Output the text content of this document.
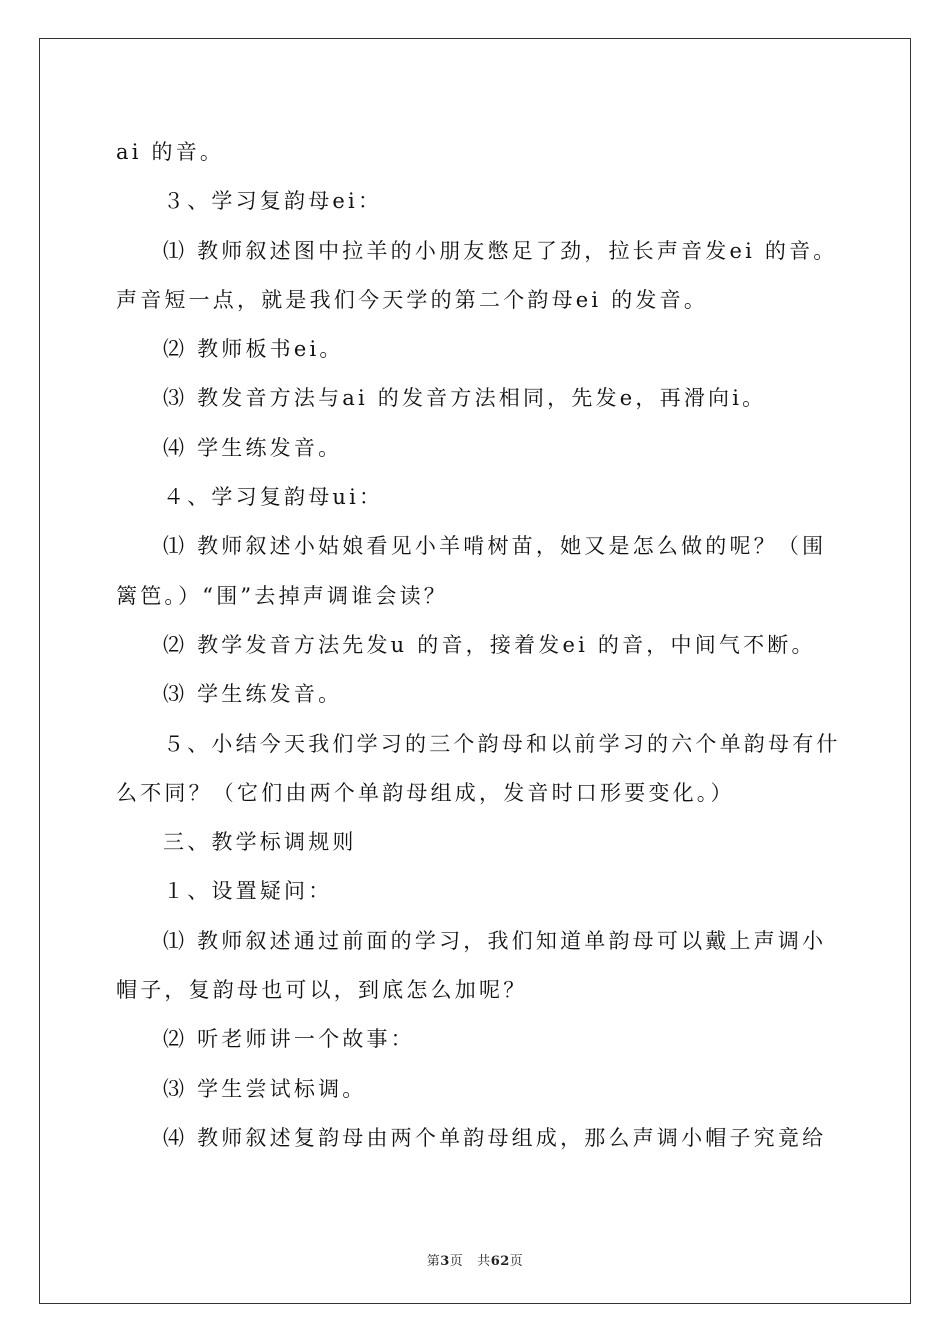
ai 的音。
３、学习复韵母ei：
⑴ 教师叙述图中拉羊的小朋友憋足了劲，拉长声音发ei 的音。
声音短一点，就是我们今天学的第二个韵母ei 的发音。
⑵ 教师板书ei。
⑶ 教发音方法与ai 的发音方法相同，先发e，再滑向i。
⑷ 学生练发音。
４、学习复韵母ui：
⑴ 教师叙述小姑娘看见小羊啃树苗，她又是怎么做的呢？（围
篱笆。）“围”去掉声调谁会读？
⑵ 教学发音方法先发u 的音，接着发ei 的音，中间气不断。
⑶ 学生练发音。
５、小结今天我们学习的三个韵母和以前学习的六个单韵母有什
么不同？（它们由两个单韵母组成，发音时口形要变化。）
三、教学标调规则
１、设置疑问：
⑴ 教师叙述通过前面的学习，我们知道单韵母可以戴上声调小
帽子，复韵母也可以，到底怎么加呢？
⑵ 听老师讲一个故事：
⑶ 学生尝试标调。
⑷ 教师叙述复韵母由两个单韵母组成，那么声调小帽子究竟给
第3页 共62页
